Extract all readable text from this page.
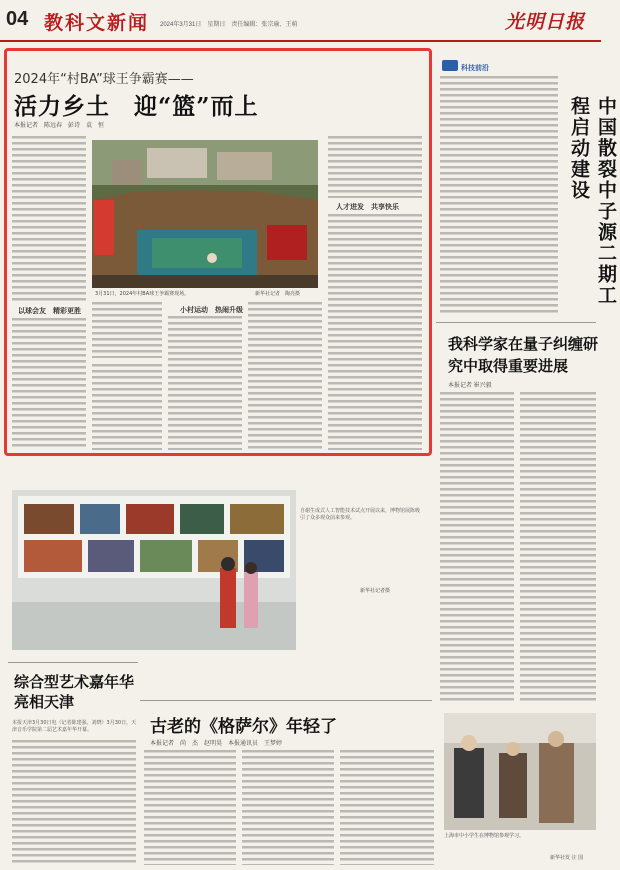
04 教科文新闻 2024年3月31日　星期日　责任编辑：张宗瑜、王萌	光明日报
2024年“村BA”球王争霸赛——
活力乡土　迎“篮”而上
本报记者　陈远春　彭诗　袁　恒
以球会友　精彩更胜
3月31日，2024年村BA球王争霸赛现场。	新华社记者　陶亮摄
小村运动　热闹升级
人才进发　共享快乐
科技前沿
中国散裂中子源二期工程启动建设
我科学家在量子纠缠研究中取得重要进展
本报记者 崔兴毅
上海市中小学生在博物馆参观学习。
新华社发 汪 国
自谢生成式人工智能技术试点开展以来，博物馆展陈吸引了众多观众前来参观。
新华社记者摄
综合型艺术嘉年华亮相天津
本报天津3月30日电（记者陈建强、刘晓）3月30日，天津音乐学院第二届艺术嘉年华开幕。	古老的《格萨尔》年轻了
本报记者　尚　杰　赵明昊　本报通讯员　王梦婷
